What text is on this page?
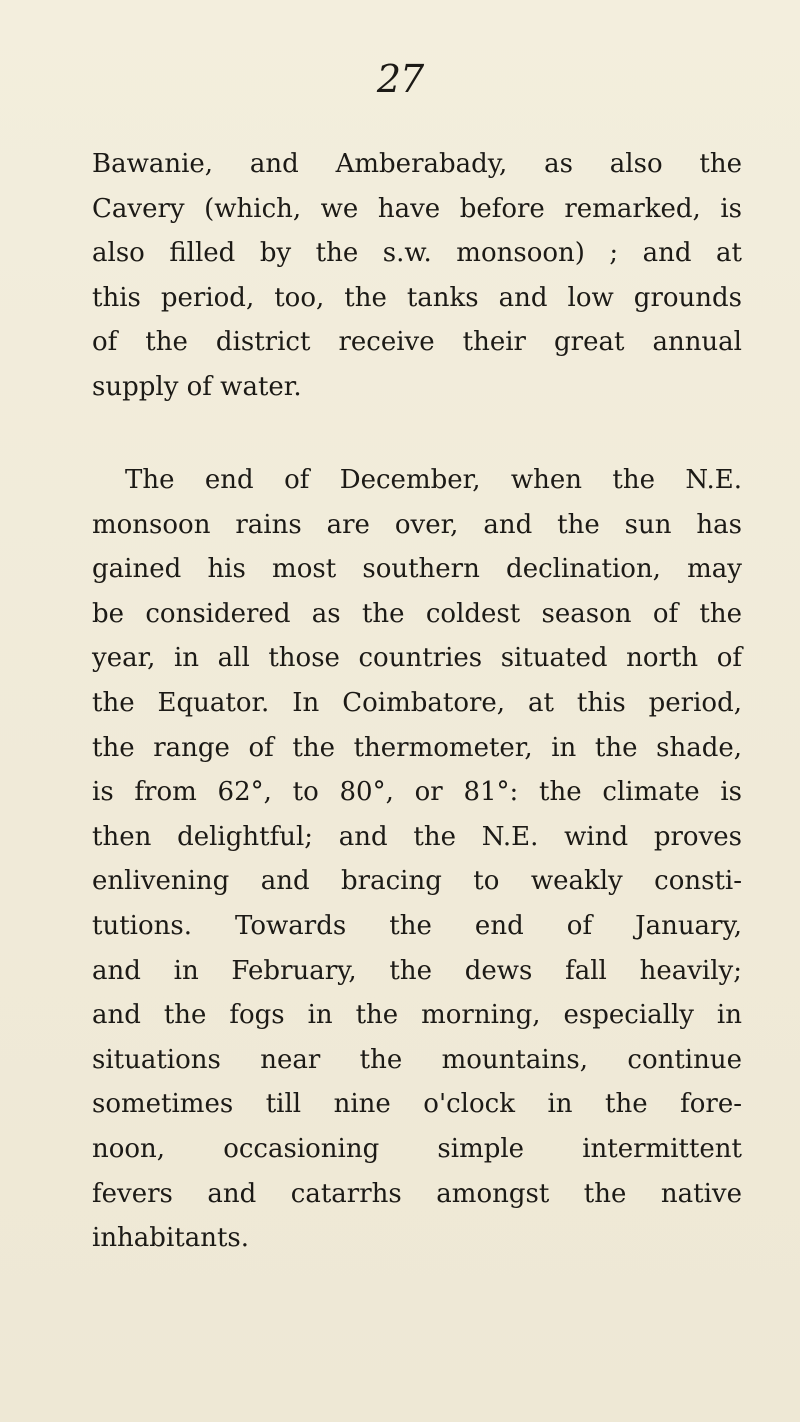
27
Bawanie, and Amberabady, as also the
Cavery (which, we have before remarked, is
also filled by the s.w. monsoon) ; and at
this period, too, the tanks and low grounds
of the district receive their great annual
supply of water.
The end of December, when the N.E.
monsoon rains are over, and the sun has
gained his most southern declination, may
be considered as the coldest season of the
year, in all those countries situated north of
the Equator. In Coimbatore, at this period,
the range of the thermometer, in the shade,
is from 62°, to 80°, or 81°: the climate is
then delightful; and the N.E. wind proves
enlivening and bracing to weakly consti-
tutions. Towards the end of January,
and in February, the dews fall heavily;
and the fogs in the morning, especially in
situations near the mountains, continue
sometimes till nine o'clock in the fore-
noon, occasioning simple intermittent
fevers and catarrhs amongst the native
inhabitants.
